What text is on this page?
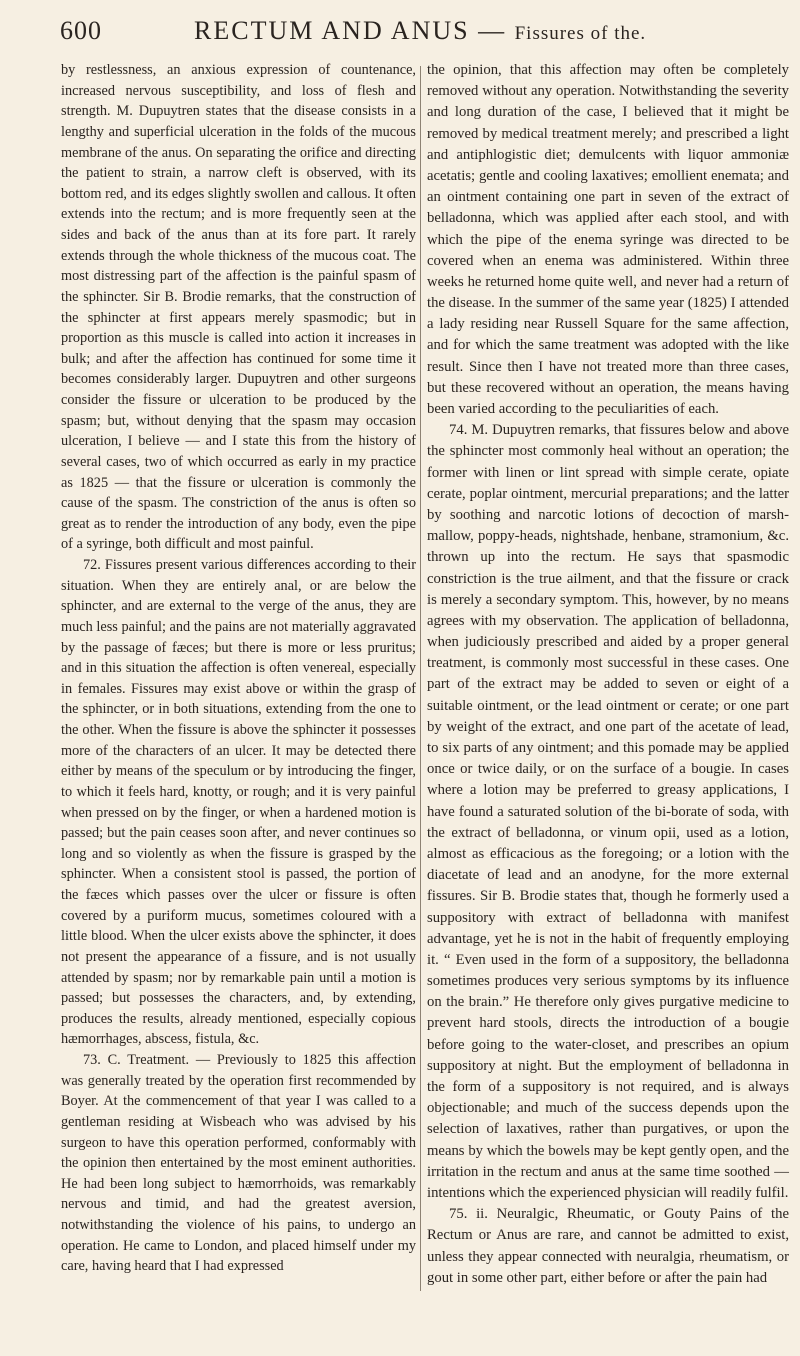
600	RECTUM AND ANUS — Fissures of the.

by restlessness, an anxious expression of countenance, increased nervous susceptibility, and loss of flesh and strength. M. Dupuytren states that the disease consists in a lengthy and superficial ulceration in the folds of the mucous membrane of the anus. On separating the orifice and directing the patient to strain, a narrow cleft is observed, with its bottom red, and its edges slightly swollen and callous. It often extends into the rectum; and is more frequently seen at the sides and back of the anus than at its fore part. It rarely extends through the whole thickness of the mucous coat. The most distressing part of the affection is the painful spasm of the sphincter. Sir B. Brodie remarks, that the construction of the sphincter at first appears merely spasmodic; but in proportion as this muscle is called into action it increases in bulk; and after the affection has continued for some time it becomes considerably larger. Dupuytren and other surgeons consider the fissure or ulceration to be produced by the spasm; but, without denying that the spasm may occasion ulceration, I believe — and I state this from the history of several cases, two of which occurred as early in my practice as 1825 — that the fissure or ulceration is commonly the cause of the spasm. The constriction of the anus is often so great as to render the introduction of any body, even the pipe of a syringe, both difficult and most painful.

72. Fissures present various differences according to their situation. When they are entirely anal, or are below the sphincter, and are external to the verge of the anus, they are much less painful; and the pains are not materially aggravated by the passage of fæces; but there is more or less pruritus; and in this situation the affection is often venereal, especially in females. Fissures may exist above or within the grasp of the sphincter, or in both situations, extending from the one to the other. When the fissure is above the sphincter it possesses more of the characters of an ulcer. It may be detected there either by means of the speculum or by introducing the finger, to which it feels hard, knotty, or rough; and it is very painful when pressed on by the finger, or when a hardened motion is passed; but the pain ceases soon after, and never continues so long and so violently as when the fissure is grasped by the sphincter. When a consistent stool is passed, the portion of the fæces which passes over the ulcer or fissure is often covered by a puriform mucus, sometimes coloured with a little blood. When the ulcer exists above the sphincter, it does not present the appearance of a fissure, and is not usually attended by spasm; nor by remarkable pain until a motion is passed; but possesses the characters, and, by extending, produces the results, already mentioned, especially copious hæmorrhages, abscess, fistula, &c.

73. C. Treatment. — Previously to 1825 this affection was generally treated by the operation first recommended by Boyer. At the commencement of that year I was called to a gentleman residing at Wisbeach who was advised by his surgeon to have this operation performed, conformably with the opinion then entertained by the most eminent authorities. He had been long subject to hæmorrhoids, was remarkably nervous and timid, and had the greatest aversion, notwithstanding the violence of his pains, to undergo an operation. He came to London, and placed himself under my care, having heard that I had expressed

the opinion, that this affection may often be completely removed without any operation. Notwithstanding the severity and long duration of the case, I believed that it might be removed by medical treatment merely; and prescribed a light and antiphlogistic diet; demulcents with liquor ammoniæ acetatis; gentle and cooling laxatives; emollient enemata; and an ointment containing one part in seven of the extract of belladonna, which was applied after each stool, and with which the pipe of the enema syringe was directed to be covered when an enema was administered. Within three weeks he returned home quite well, and never had a return of the disease. In the summer of the same year (1825) I attended a lady residing near Russell Square for the same affection, and for which the same treatment was adopted with the like result. Since then I have not treated more than three cases, but these recovered without an operation, the means having been varied according to the peculiarities of each.

74. M. Dupuytren remarks, that fissures below and above the sphincter most commonly heal without an operation; the former with linen or lint spread with simple cerate, opiate cerate, poplar ointment, mercurial preparations; and the latter by soothing and narcotic lotions of decoction of marsh-mallow, poppy-heads, nightshade, henbane, stramonium, &c. thrown up into the rectum. He says that spasmodic constriction is the true ailment, and that the fissure or crack is merely a secondary symptom. This, however, by no means agrees with my observation. The application of belladonna, when judiciously prescribed and aided by a proper general treatment, is commonly most successful in these cases. One part of the extract may be added to seven or eight of a suitable ointment, or the lead ointment or cerate; or one part by weight of the extract, and one part of the acetate of lead, to six parts of any ointment; and this pomade may be applied once or twice daily, or on the surface of a bougie. In cases where a lotion may be preferred to greasy applications, I have found a saturated solution of the bi-borate of soda, with the extract of belladonna, or vinum opii, used as a lotion, almost as efficacious as the foregoing; or a lotion with the diacetate of lead and an anodyne, for the more external fissures. Sir B. Brodie states that, though he formerly used a suppository with extract of belladonna with manifest advantage, yet he is not in the habit of frequently employing it. “ Even used in the form of a suppository, the belladonna sometimes produces very serious symptoms by its influence on the brain.” He therefore only gives purgative medicine to prevent hard stools, directs the introduction of a bougie before going to the water-closet, and prescribes an opium suppository at night. But the employment of belladonna in the form of a suppository is not required, and is always objectionable; and much of the success depends upon the selection of laxatives, rather than purgatives, or upon the means by which the bowels may be kept gently open, and the irritation in the rectum and anus at the same time soothed — intentions which the experienced physician will readily fulfil.

75. ii. Neuralgic, Rheumatic, or Gouty Pains of the Rectum or Anus are rare, and cannot be admitted to exist, unless they appear connected with neuralgia, rheumatism, or gout in some other part, either before or after the pain had
